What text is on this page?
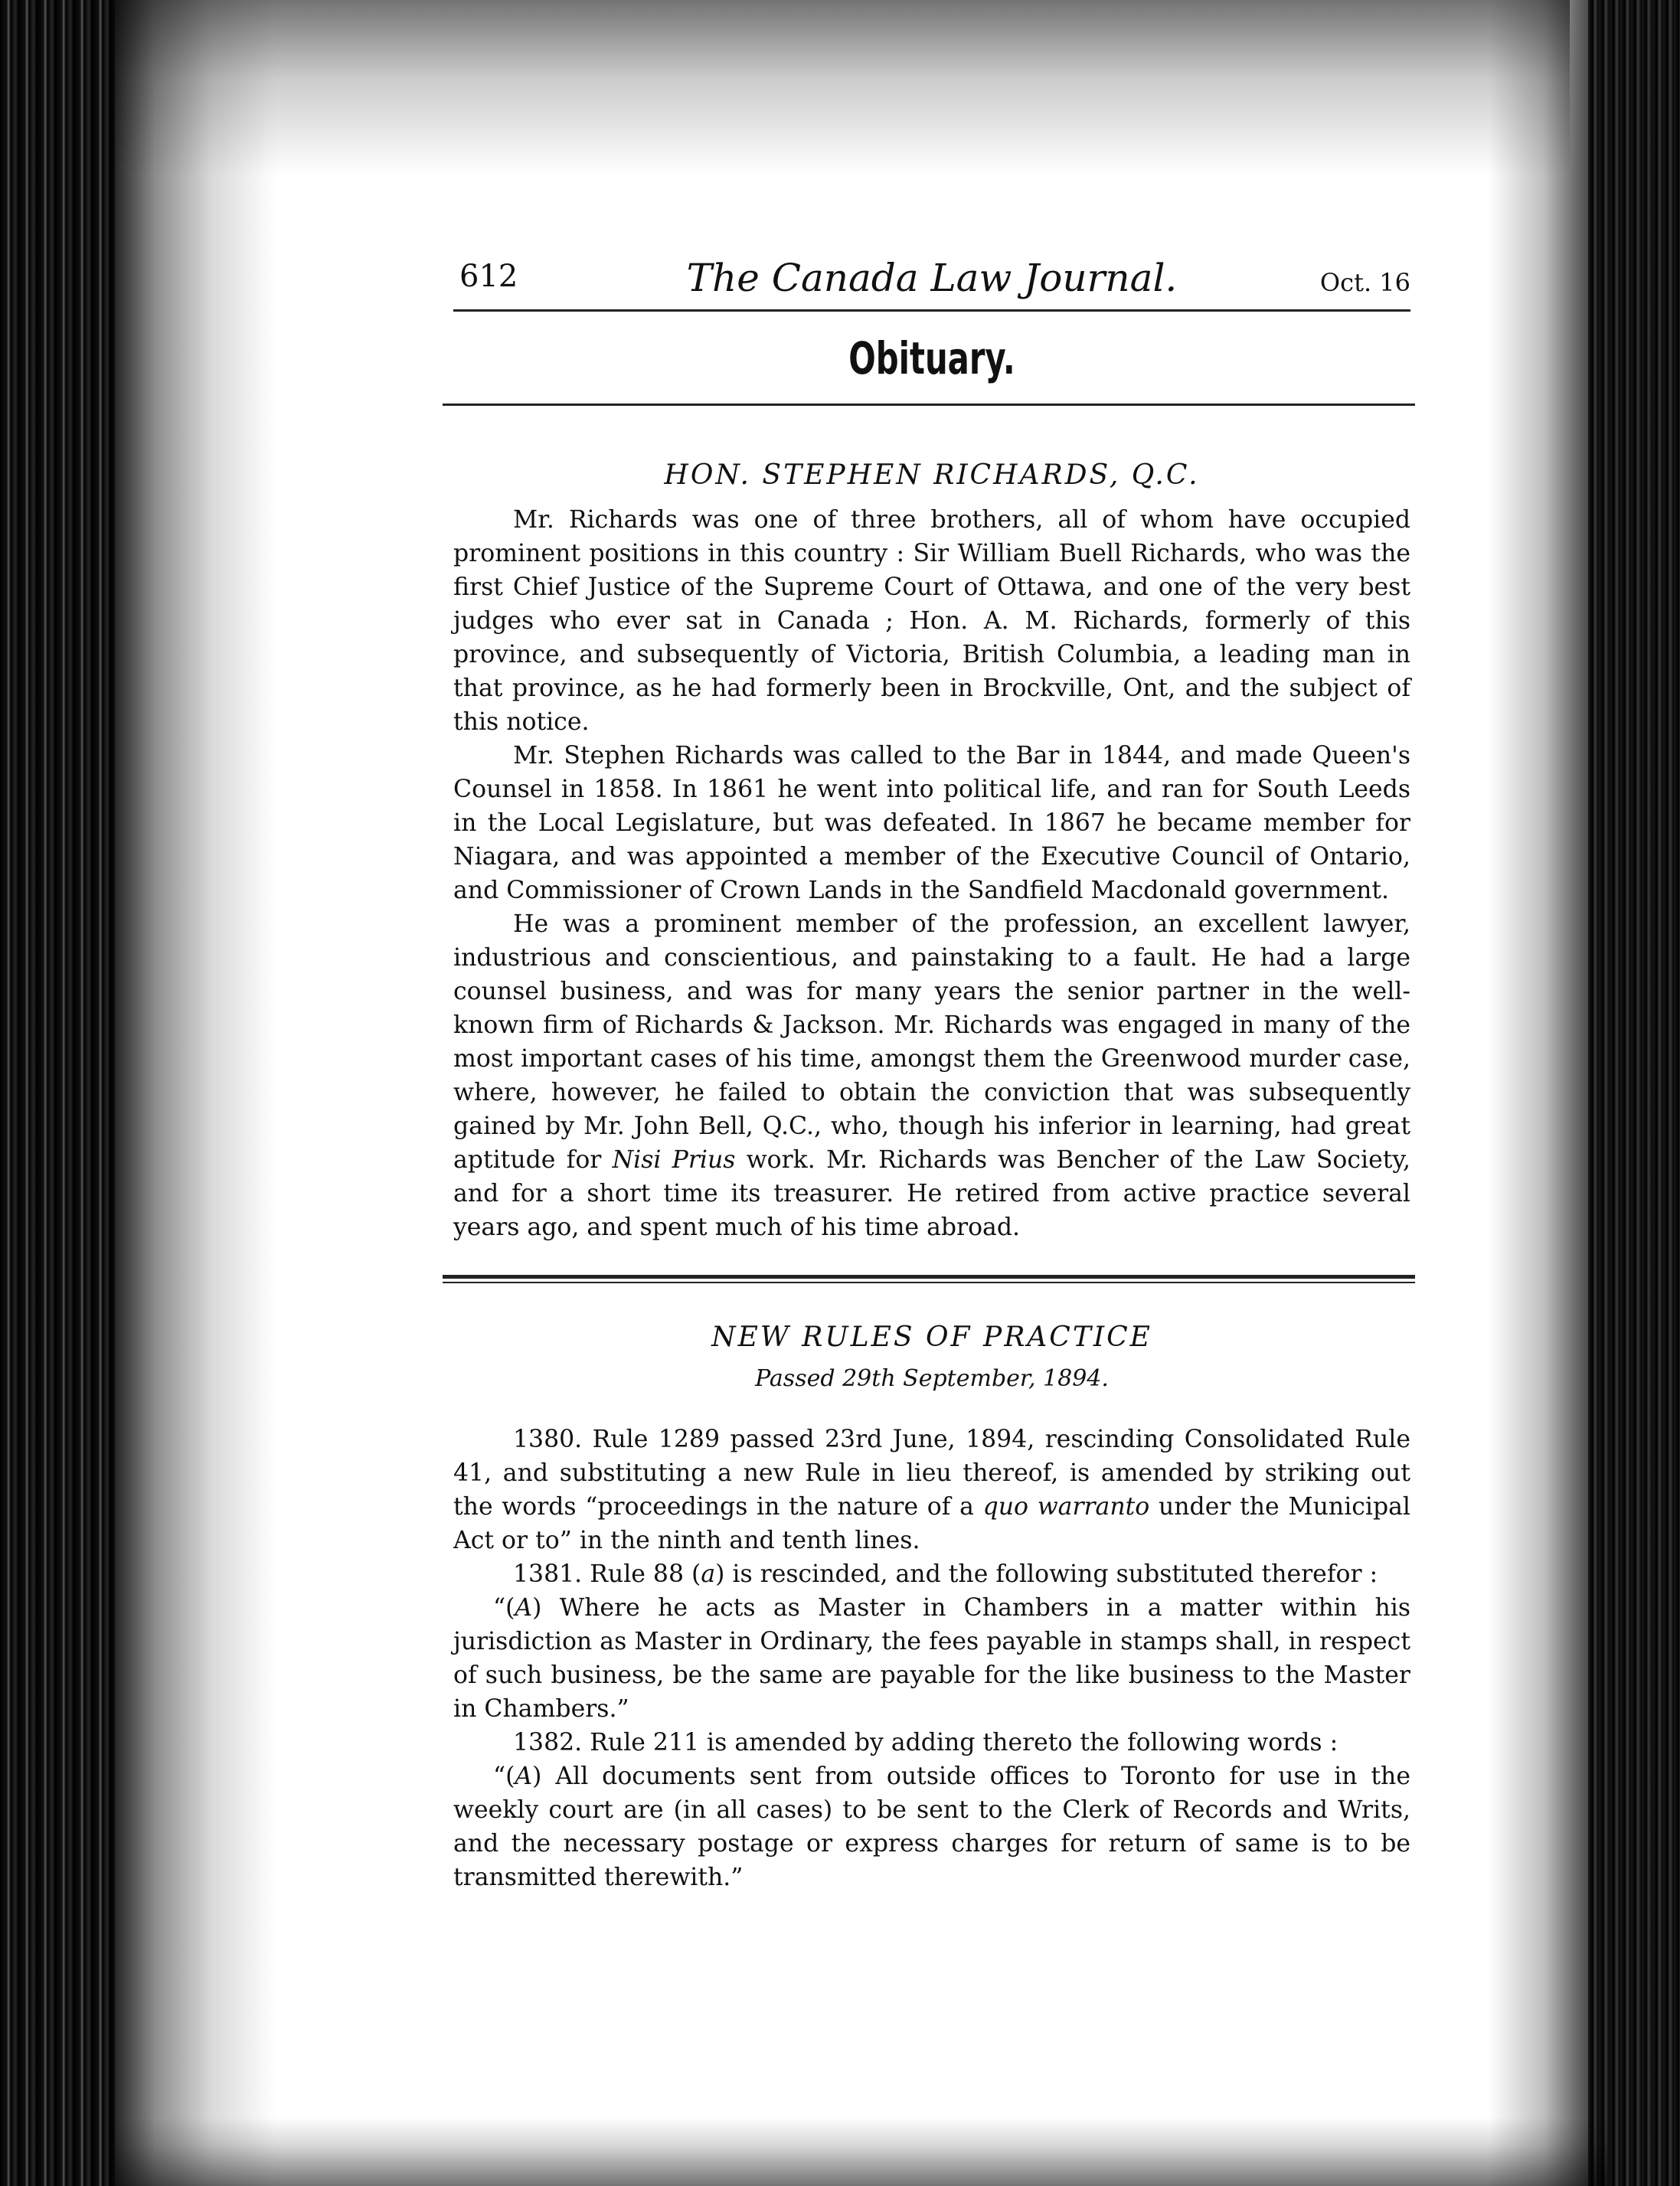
612	The Canada Law Journal.	Oct. 16
Obituary.
HON. STEPHEN RICHARDS, Q.C.

Mr. Richards was one of three brothers, all of whom have occupied prominent positions in this country : Sir William Buell Richards, who was the first Chief Justice of the Supreme Court of Ottawa, and one of the very best judges who ever sat in Canada ; Hon. A. M. Richards, formerly of this province, and subsequently of Victoria, British Columbia, a leading man in that province, as he had formerly been in Brockville, Ont, and the subject of this notice.

Mr. Stephen Richards was called to the Bar in 1844, and made Queen's Counsel in 1858. In 1861 he went into political life, and ran for South Leeds in the Local Legislature, but was defeated. In 1867 he became member for Niagara, and was appointed a member of the Executive Council of Ontario, and Commissioner of Crown Lands in the Sandfield Macdonald government.

He was a prominent member of the profession, an excellent lawyer, industrious and conscientious, and painstaking to a fault. He had a large counsel business, and was for many years the senior partner in the well-known firm of Richards & Jackson. Mr. Richards was engaged in many of the most important cases of his time, amongst them the Greenwood murder case, where, however, he failed to obtain the conviction that was subsequently gained by Mr. John Bell, Q.C., who, though his inferior in learning, had great aptitude for Nisi Prius work. Mr. Richards was Bencher of the Law Society, and for a short time its treasurer. He retired from active practice several years ago, and spent much of his time abroad.

NEW RULES OF PRACTICE
Passed 29th September, 1894.

1380. Rule 1289 passed 23rd June, 1894, rescinding Consolidated Rule 41, and substituting a new Rule in lieu thereof, is amended by striking out the words “proceedings in the nature of a quo warranto under the Municipal Act or to” in the ninth and tenth lines.

1381. Rule 88 (a) is rescinded, and the following substituted therefor :

“(A) Where he acts as Master in Chambers in a matter within his jurisdiction as Master in Ordinary, the fees payable in stamps shall, in respect of such business, be the same are payable for the like business to the Master in Chambers.”

1382. Rule 211 is amended by adding thereto the following words :

“(A) All documents sent from outside offices to Toronto for use in the weekly court are (in all cases) to be sent to the Clerk of Records and Writs, and the necessary postage or express charges for return of same is to be transmitted therewith.”
